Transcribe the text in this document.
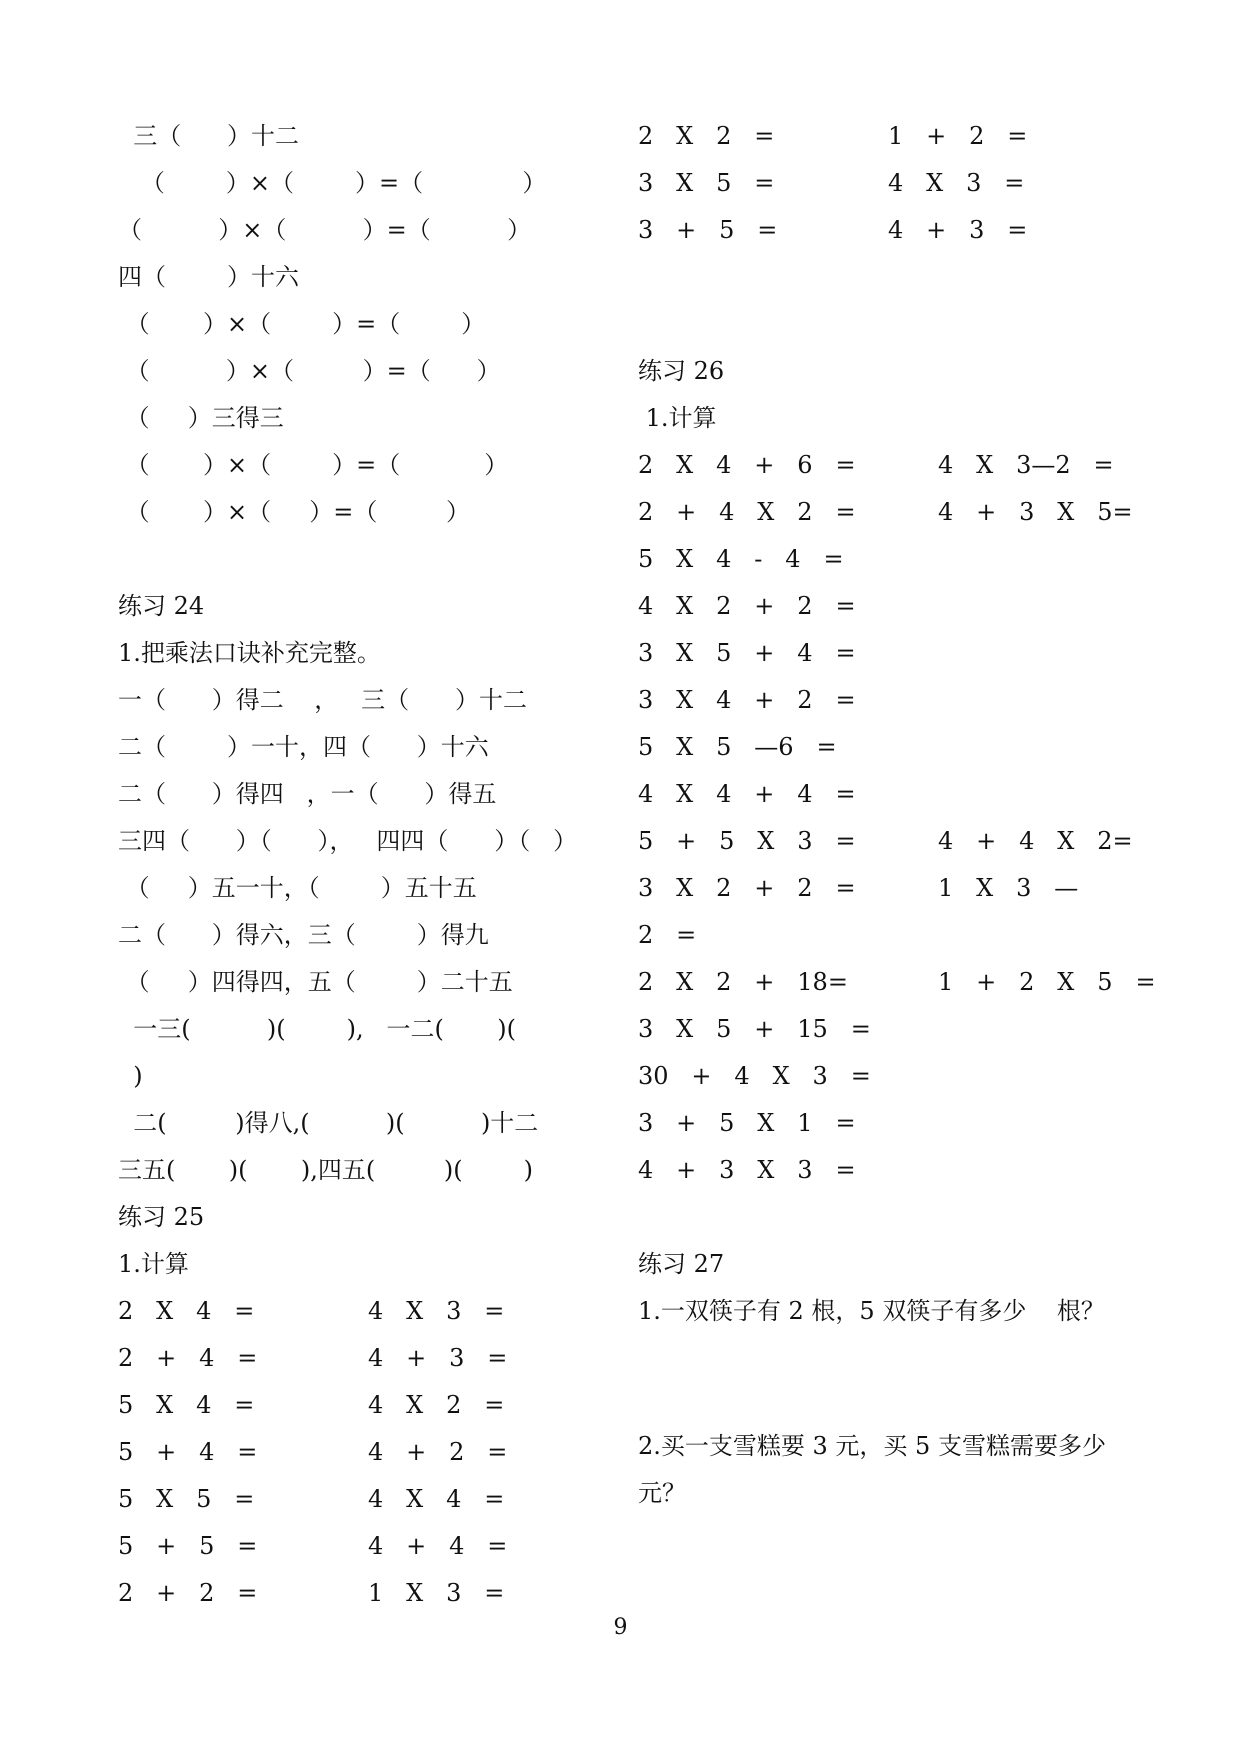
三（      ）十二
（        ）×（        ）=（             ）
（          ）×（          ）=（          ）
四（        ）十六
（       ）×（        ）=（        ）
（          ）×（         ）=（      ）
（     ）三得三
（       ）×（        ）=（           ）
（       ）×（     ）=（         ）
练习 24
1.把乘法口诀补充完整。
一（      ）得二    ，   三（      ）十二
二（        ）一十，四（      ）十六
二（      ）得四   ，一（      ）得五
三四（      ）（      ），   四四（      ）（   ）
（     ）五一十，（        ）五十五
二（      ）得六，三（        ）得九
（     ）四得四，五（        ）二十五
一三(          )(        ),   一二(       )(
)
二(         )得八,(          )(          )十二
三五(       )(       ),四五(         )(        )
练习 25
1.计算
2   X   4   =	4   X   3   =
2   +   4   =	4   +   3   =
5   X   4   =	4   X   2   =
5   +   4   =	4   +   2   =
5   X   5   =	4   X   4   =
5   +   5   =	4   +   4   =
2   +   2   =	1   X   3   =
2   X   2   =	1   +   2   =
3   X   5   =	4   X   3   =
3   +   5   =	4   +   3   =
练习 26
1.计算
2   X   4   +   6   =	4   X   3—2   =
2   +   4   X   2   =	4   +   3   X   5=
5   X   4   -   4   =
4   X   2   +   2   =
3   X   5   +   4   =
3   X   4   +   2   =
5   X   5   —6   =
4   X   4   +   4   =
5   +   5   X   3   =	4   +   4   X   2=
3   X   2   +   2   =	1   X   3   —
2   =
2   X   2   +   18=	1   +   2   X   5   =
3   X   5   +   15   =
30   +   4   X   3   =
3   +   5   X   1   =
4   +   3   X   3   =
练习 27
1.一双筷子有 2 根，5 双筷子有多少    根？
2.买一支雪糕要 3 元，买 5 支雪糕需要多少
元？
9
